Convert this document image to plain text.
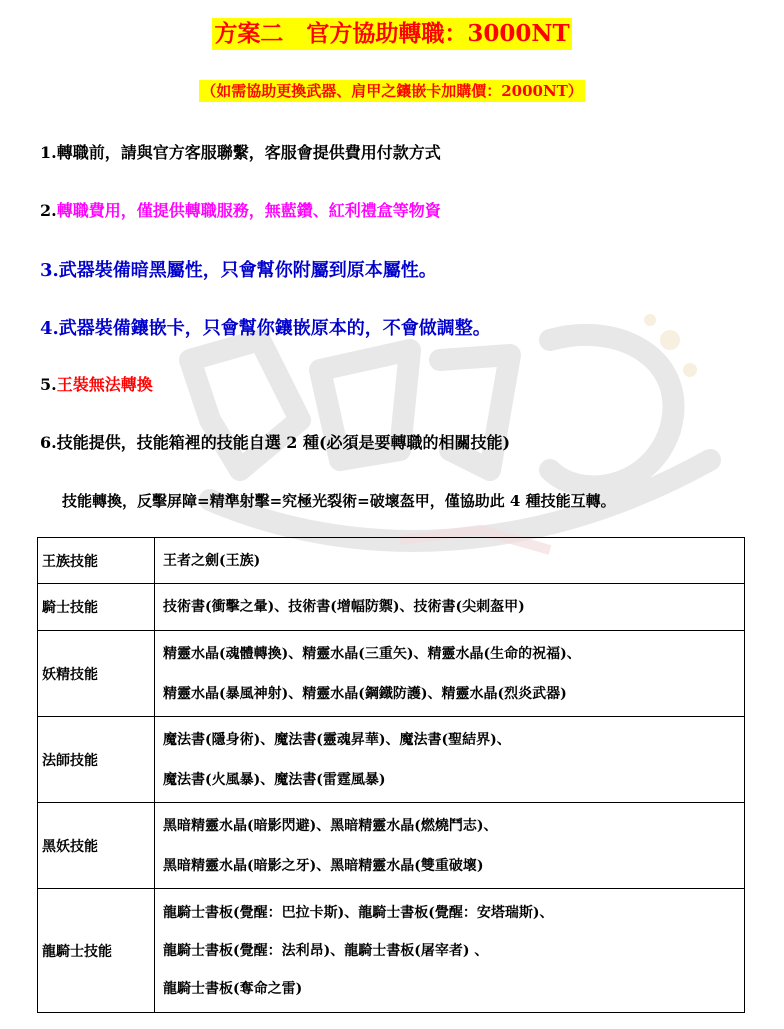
方案二　官方協助轉職：3000NT
（如需協助更換武器、肩甲之鑲嵌卡加購價：2000NT）
1.轉職前，請與官方客服聯繫，客服會提供費用付款方式
2.轉職費用，僅提供轉職服務，無藍鑽、紅利禮盒等物資
3.武器裝備暗黑屬性，只會幫你附屬到原本屬性。
4.武器裝備鑲嵌卡，只會幫你鑲嵌原本的，不會做調整。
5.王裝無法轉換
6.技能提供，技能箱裡的技能自選 2 種(必須是要轉職的相關技能)
技能轉換，反擊屏障=精準射擊=究極光裂術=破壞盔甲，僅協助此 4 種技能互轉。
王族技能	王者之劍(王族)

騎士技能	技術書(衝擊之暈)、技術書(增幅防禦)、技術書(尖刺盔甲)

妖精技能	精靈水晶(魂體轉換)、精靈水晶(三重矢)、精靈水晶(生命的祝福)、
精靈水晶(暴風神射)、精靈水晶(鋼鐵防護)、精靈水晶(烈炎武器)

法師技能	魔法書(隱身術)、魔法書(靈魂昇華)、魔法書(聖結界)、
魔法書(火風暴)、魔法書(雷霆風暴)

黑妖技能	黑暗精靈水晶(暗影閃避)、黑暗精靈水晶(燃燒鬥志)、
黑暗精靈水晶(暗影之牙)、黑暗精靈水晶(雙重破壞)

龍騎士技能	龍騎士書板(覺醒：巴拉卡斯)、龍騎士書板(覺醒：安塔瑞斯)、
龍騎士書板(覺醒：法利昂)、龍騎士書板(屠宰者) 、
龍騎士書板(奪命之雷)
